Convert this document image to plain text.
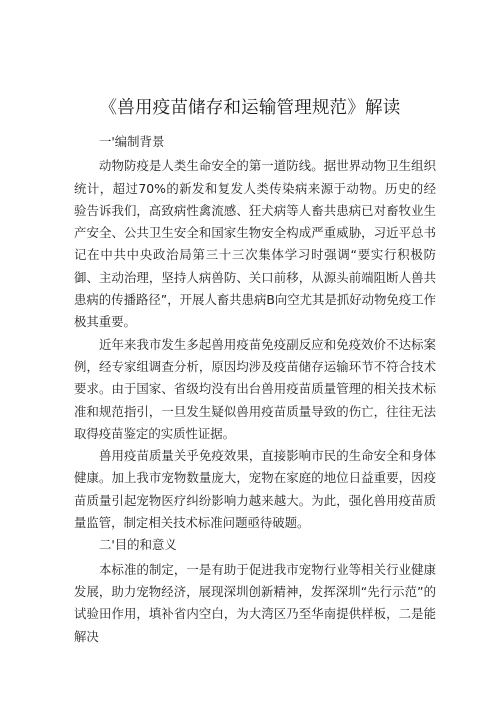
《兽用疫苗储存和运输管理规范》解读

一'编制背景

动物防疫是人类生命安全的第一道防线。据世界动物卫生组织统计，超过70%的新发和复发人类传染病来源于动物。历史的经验告诉我们，高致病性禽流感、狂犬病等人畜共患病已对畜牧业生产安全、公共卫生安全和国家生物安全构成严重威胁，习近平总书记在中共中央政治局第三十三次集体学习时强调“要实行积极防御、主动治理，坚持人病兽防、关口前移，从源头前端阻断人兽共患病的传播路径”，开展人畜共患病B向空尤其是抓好动物免疫工作极其重要。

近年来我市发生多起兽用疫苗免疫副反应和免疫效价不达标案例，经专家组调查分析，原因均涉及疫苗储存运输环节不符合技术要求。由于国家、省级均没有出台兽用疫苗质量管理的相关技术标准和规范指引，一旦发生疑似兽用疫苗质量导致的伤亡，往往无法取得疫苗鉴定的实质性证据。

兽用疫苗质量关乎免疫效果，直接影响市民的生命安全和身体健康。加上我市宠物数量庞大，宠物在家庭的地位日益重要，因疫苗质量引起宠物医疗纠纷影响力越来越大。为此，强化兽用疫苗质量监管，制定相关技术标准问题亟待破题。

二'目的和意义

本标准的制定，一是有助于促进我市宠物行业等相关行业健康发展，助力宠物经济，展现深圳创新精神，发挥深圳“先行示范”的试验田作用，填补省内空白，为大湾区乃至华南提供样板，二是能解决
